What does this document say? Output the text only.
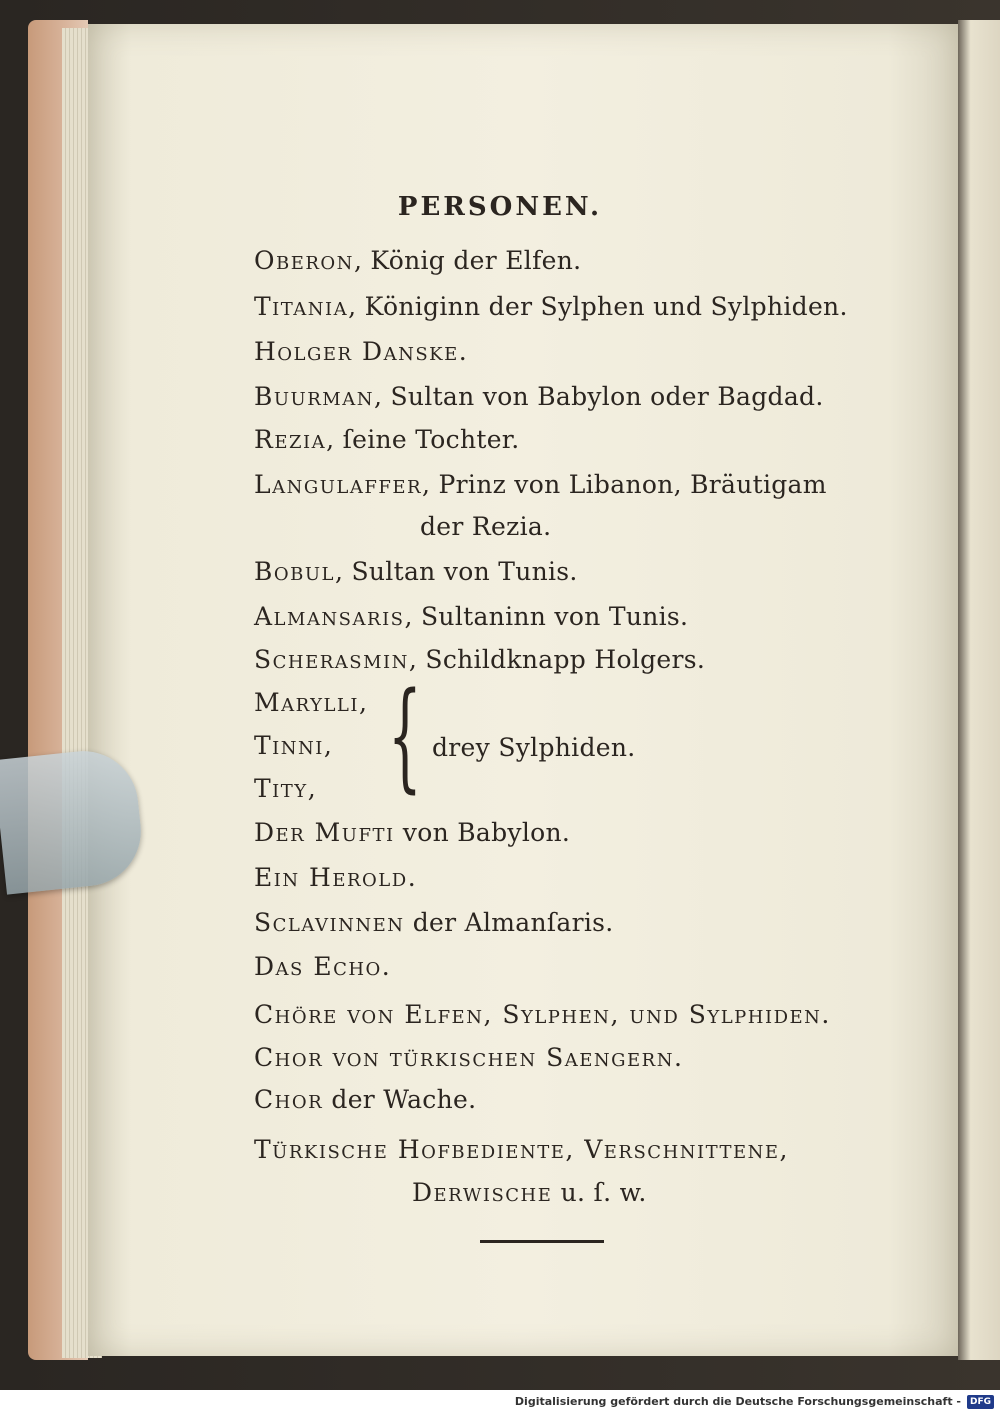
PERSONEN.
Oberon, König der Elfen.
Titania, Königinn der Sylphen und Sylphiden.
Holger Danske.
Buurman, Sultan von Babylon oder Bagdad.
Rezia, ſeine Tochter.
Langulaffer, Prinz von Libanon, Bräutigam
der Rezia.
Bobul, Sultan von Tunis.
Almansaris, Sultaninn von Tunis.
Scherasmin, Schildknapp Holgers.
Marylli,
Tinni,
Tity, { drey Sylphiden.
Der Mufti von Babylon.
Ein Herold.
Sclavinnen der Almanſaris.
Das Echo.
Chöre von Elfen, Sylphen, und Sylphiden.
Chor von türkischen Saengern.
Chor der Wache.
Türkische Hofbediente, Verschnittene,
Derwische u. ſ. w.
Digitalisierung gefördert durch die Deutsche Forschungsgemeinschaft -	DFG
